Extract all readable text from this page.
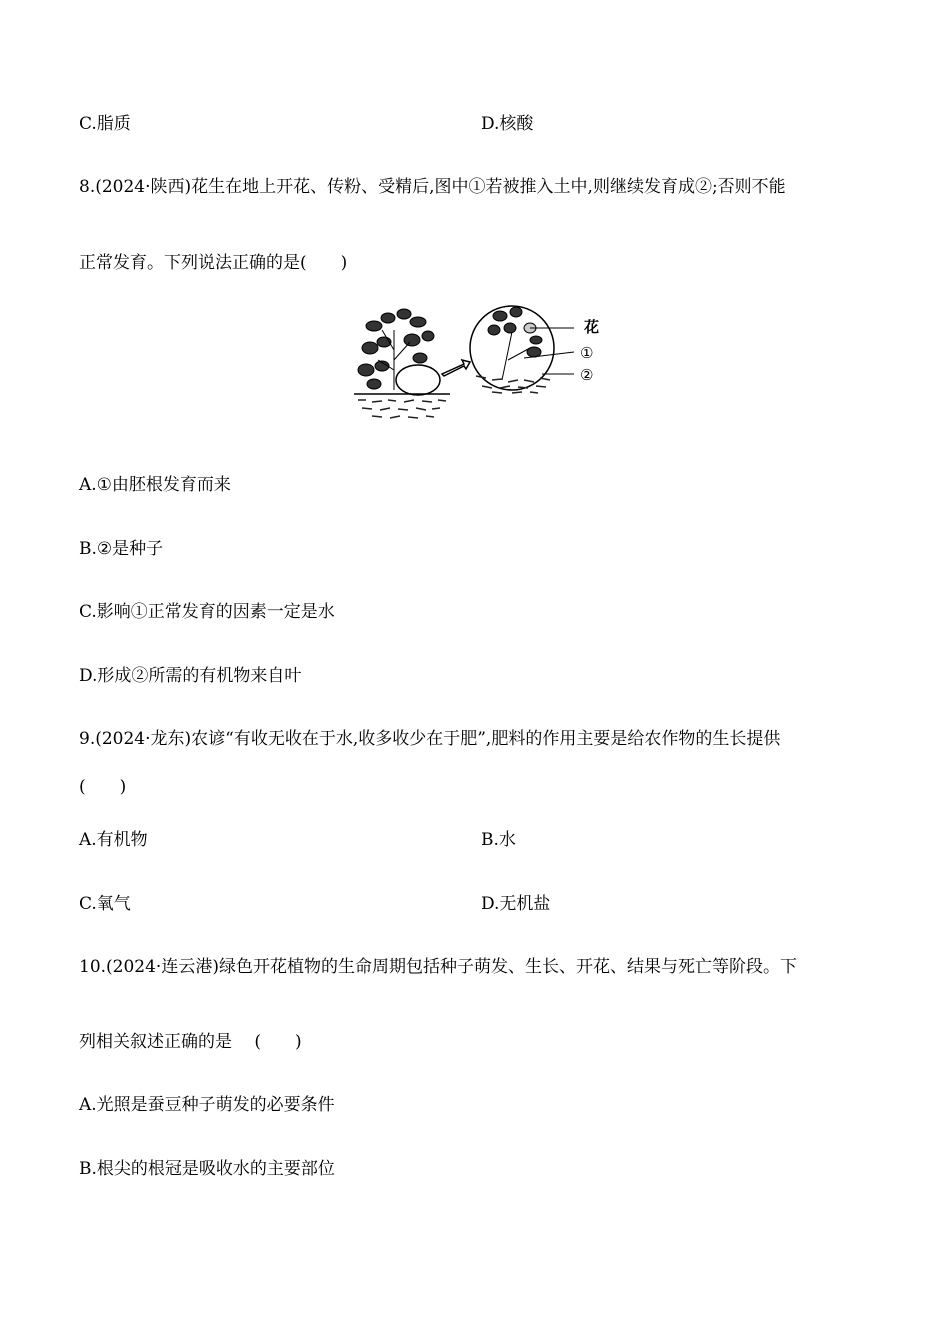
C.脂质	D.核酸
8.(2024·陕西)花生在地上开花、传粉、受精后,图中①若被推入土中,则继续发育成②;否则不能
正常发育。下列说法正确的是(　　)
花
①
②
A.①由胚根发育而来
B.②是种子
C.影响①正常发育的因素一定是水
D.形成②所需的有机物来自叶
9.(2024·龙东)农谚“有收无收在于水,收多收少在于肥”,肥料的作用主要是给农作物的生长提供
(　　)
A.有机物	B.水
C.氧气	D.无机盐
10.(2024·连云港)绿色开花植物的生命周期包括种子萌发、生长、开花、结果与死亡等阶段。下
列相关叙述正确的是　 (　　)
A.光照是蚕豆种子萌发的必要条件
B.根尖的根冠是吸收水的主要部位
